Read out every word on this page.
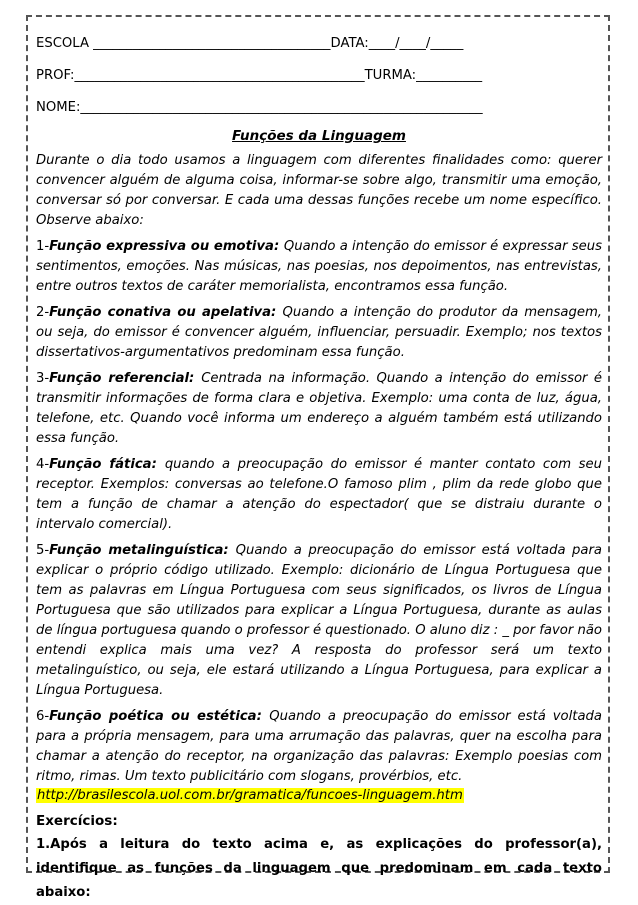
ESCOLA ____________________________________DATA:____/____/_____
PROF:____________________________________________TURMA:__________
NOME:_____________________________________________________________
Funções da Linguagem

Durante o dia todo usamos a linguagem com diferentes finalidades como: querer convencer alguém de alguma coisa, informar-se sobre algo, transmitir uma emoção, conversar só por conversar. E cada uma dessas funções recebe um nome específico. Observe abaixo:

1 - Função expressiva ou emotiva: Quando a intenção do emissor é expressar seus sentimentos, emoções. Nas músicas, nas poesias, nos depoimentos, nas entrevistas, entre outros textos de caráter memorialista, encontramos essa função.

2 - Função conativa ou apelativa: Quando a intenção do produtor da mensagem, ou seja, do emissor é convencer alguém, influenciar, persuadir. Exemplo; nos textos dissertativos-argumentativos predominam essa função.

3 - Função referencial: Centrada na informação. Quando a intenção do emissor é transmitir informações de forma clara e objetiva. Exemplo: uma conta de luz, água, telefone, etc. Quando você informa um endereço a alguém também está utilizando essa função.

4 - Função fática: quando a preocupação do emissor é manter contato com seu receptor. Exemplos: conversas ao telefone.O famoso plim , plim da rede globo que tem a função de chamar a atenção do espectador( que se distraiu durante o intervalo comercial).

5 - Função metalinguística: Quando a preocupação do emissor está voltada para explicar o próprio código utilizado. Exemplo: dicionário de Língua Portuguesa que tem as palavras em Língua Portuguesa com seus significados, os livros de Língua Portuguesa que são utilizados para explicar a Língua Portuguesa, durante as aulas de língua portuguesa quando o professor é questionado. O aluno diz : _ por favor não entendi explica mais uma vez? A resposta do professor será um texto metalinguístico, ou seja, ele estará utilizando a Língua Portuguesa, para explicar a Língua Portuguesa.

6 - Função poética ou estética: Quando a preocupação do emissor está voltada para a própria mensagem, para uma arrumação das palavras, quer na escolha para chamar a atenção do receptor, na organização das palavras: Exemplo poesias com ritmo, rimas. Um texto publicitário com slogans, provérbios, etc.

http://brasilescola.uol.com.br/gramatica/funcoes-linguagem.htm
Exercícios:

1.Após a leitura do texto acima e, as explicações do professor(a), identifique as funções da linguagem que predominam em cada texto abaixo:
